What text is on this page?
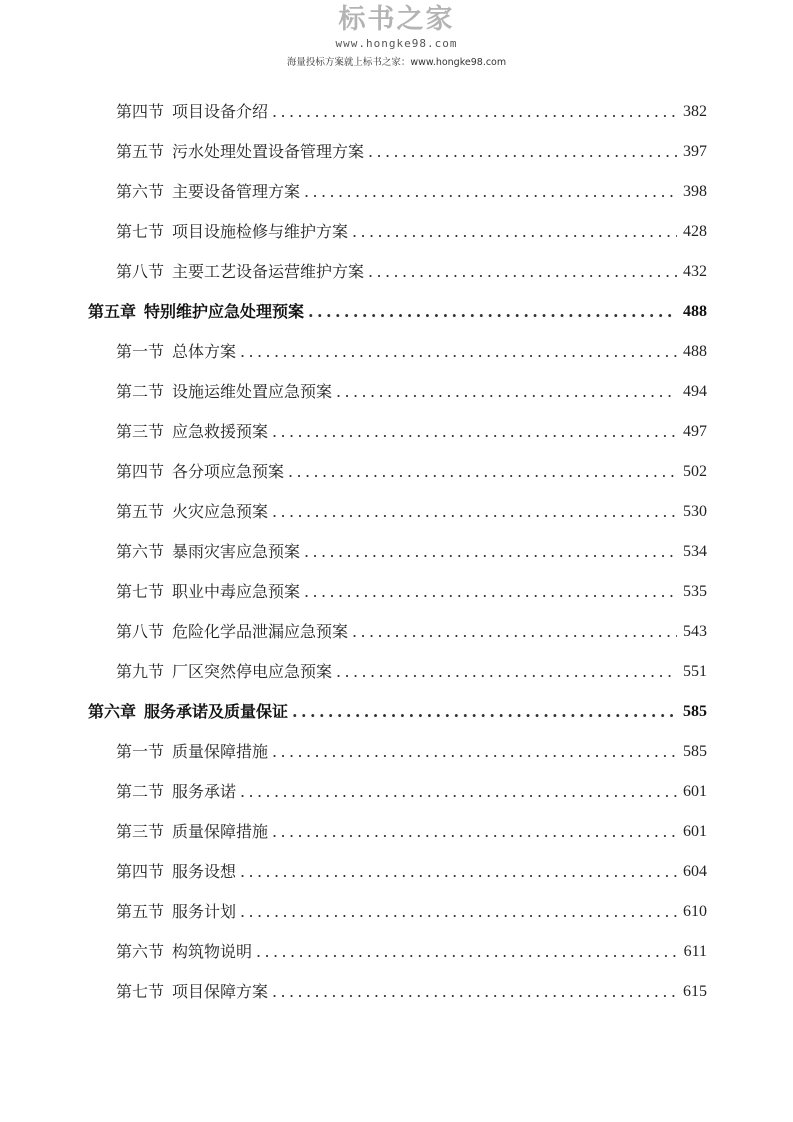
标书之家
www.hongke98.com
海量投标方案就上标书之家：www.hongke98.com
第四节 项目设备介绍 .....	382
第五节 污水处理处置设备管理方案 .....	397
第六节 主要设备管理方案 .....	398
第七节 项目设施检修与维护方案 .....	428
第八节 主要工艺设备运营维护方案 .....	432
第五章 特别维护应急处理预案 .....	488
第一节 总体方案 .....	488
第二节 设施运维处置应急预案 .....	494
第三节 应急救援预案 .....	497
第四节 各分项应急预案 .....	502
第五节 火灾应急预案 .....	530
第六节 暴雨灾害应急预案 .....	534
第七节 职业中毒应急预案 .....	535
第八节 危险化学品泄漏应急预案 .....	543
第九节 厂区突然停电应急预案 .....	551
第六章 服务承诺及质量保证 .....	585
第一节 质量保障措施 .....	585
第二节 服务承诺 .....	601
第三节 质量保障措施 .....	601
第四节 服务设想 .....	604
第五节 服务计划 .....	610
第六节 构筑物说明 .....	611
第七节 项目保障方案 .....	615
